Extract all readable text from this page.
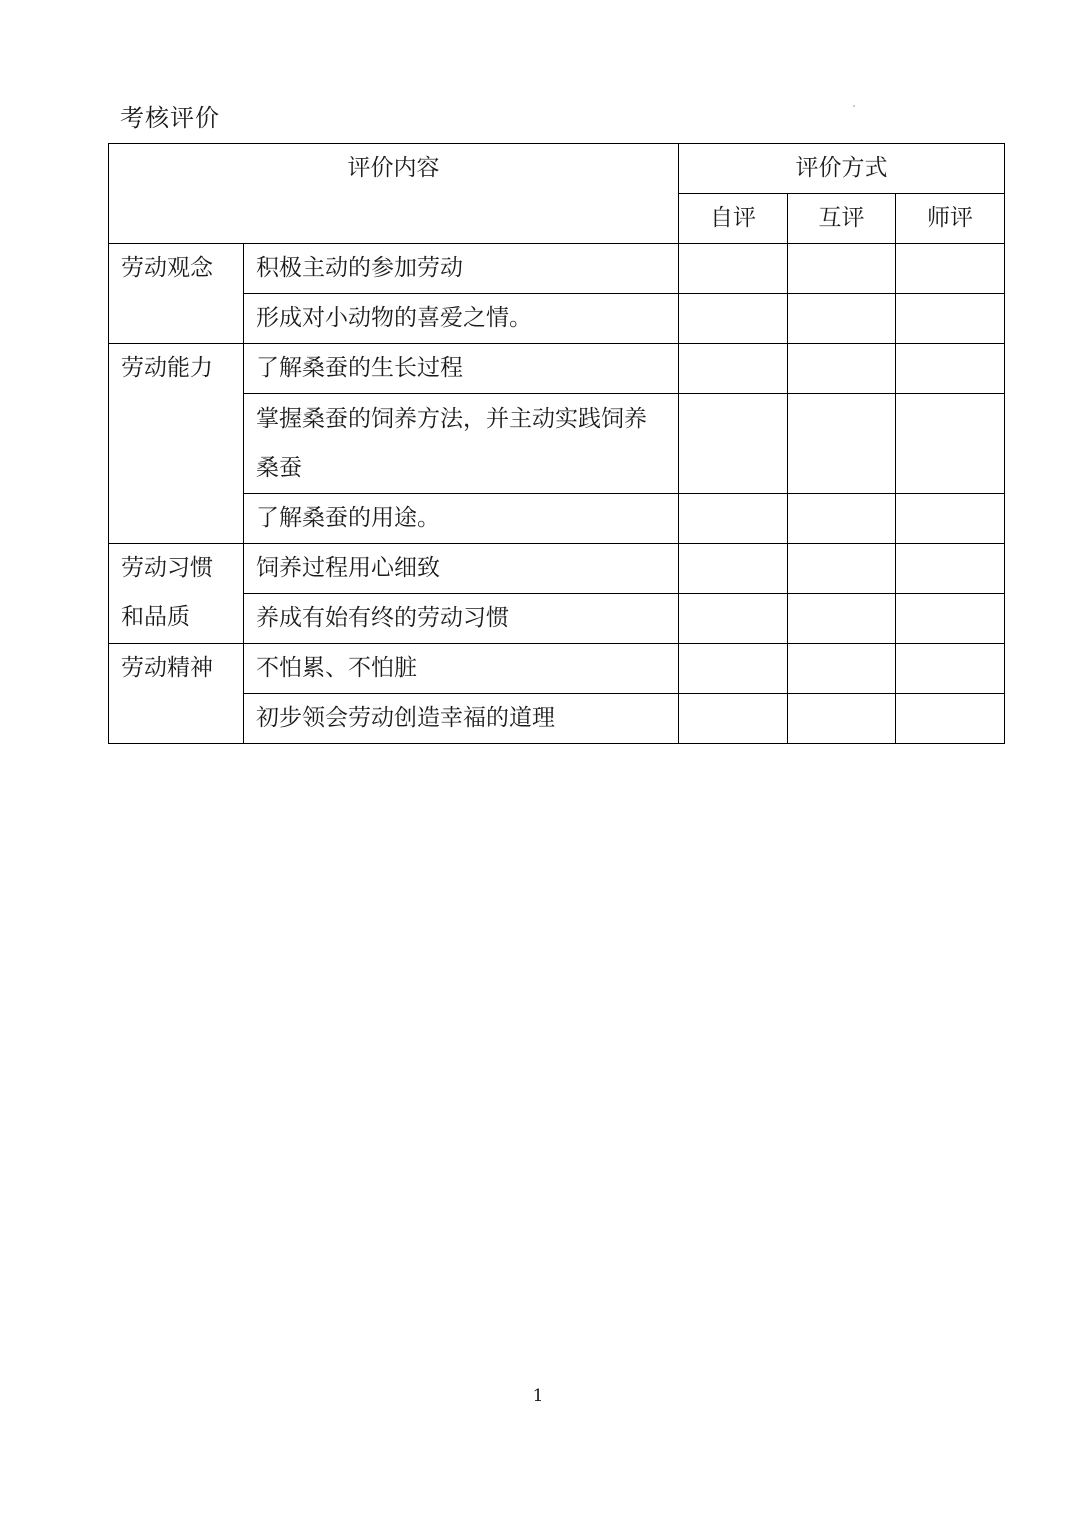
考核评价
评价内容		评价方式		
		自评	互评	师评
劳动观念	积极主动的参加劳动			
	形成对小动物的喜爱之情。			
劳动能力	了解桑蚕的生长过程			
	掌握桑蚕的饲养方法，并主动实践饲养桑蚕			
	了解桑蚕的用途。			
劳动习惯和品质	饲养过程用心细致			
	养成有始有终的劳动习惯			
劳动精神	不怕累、不怕脏			
	初步领会劳动创造幸福的道理			
1
